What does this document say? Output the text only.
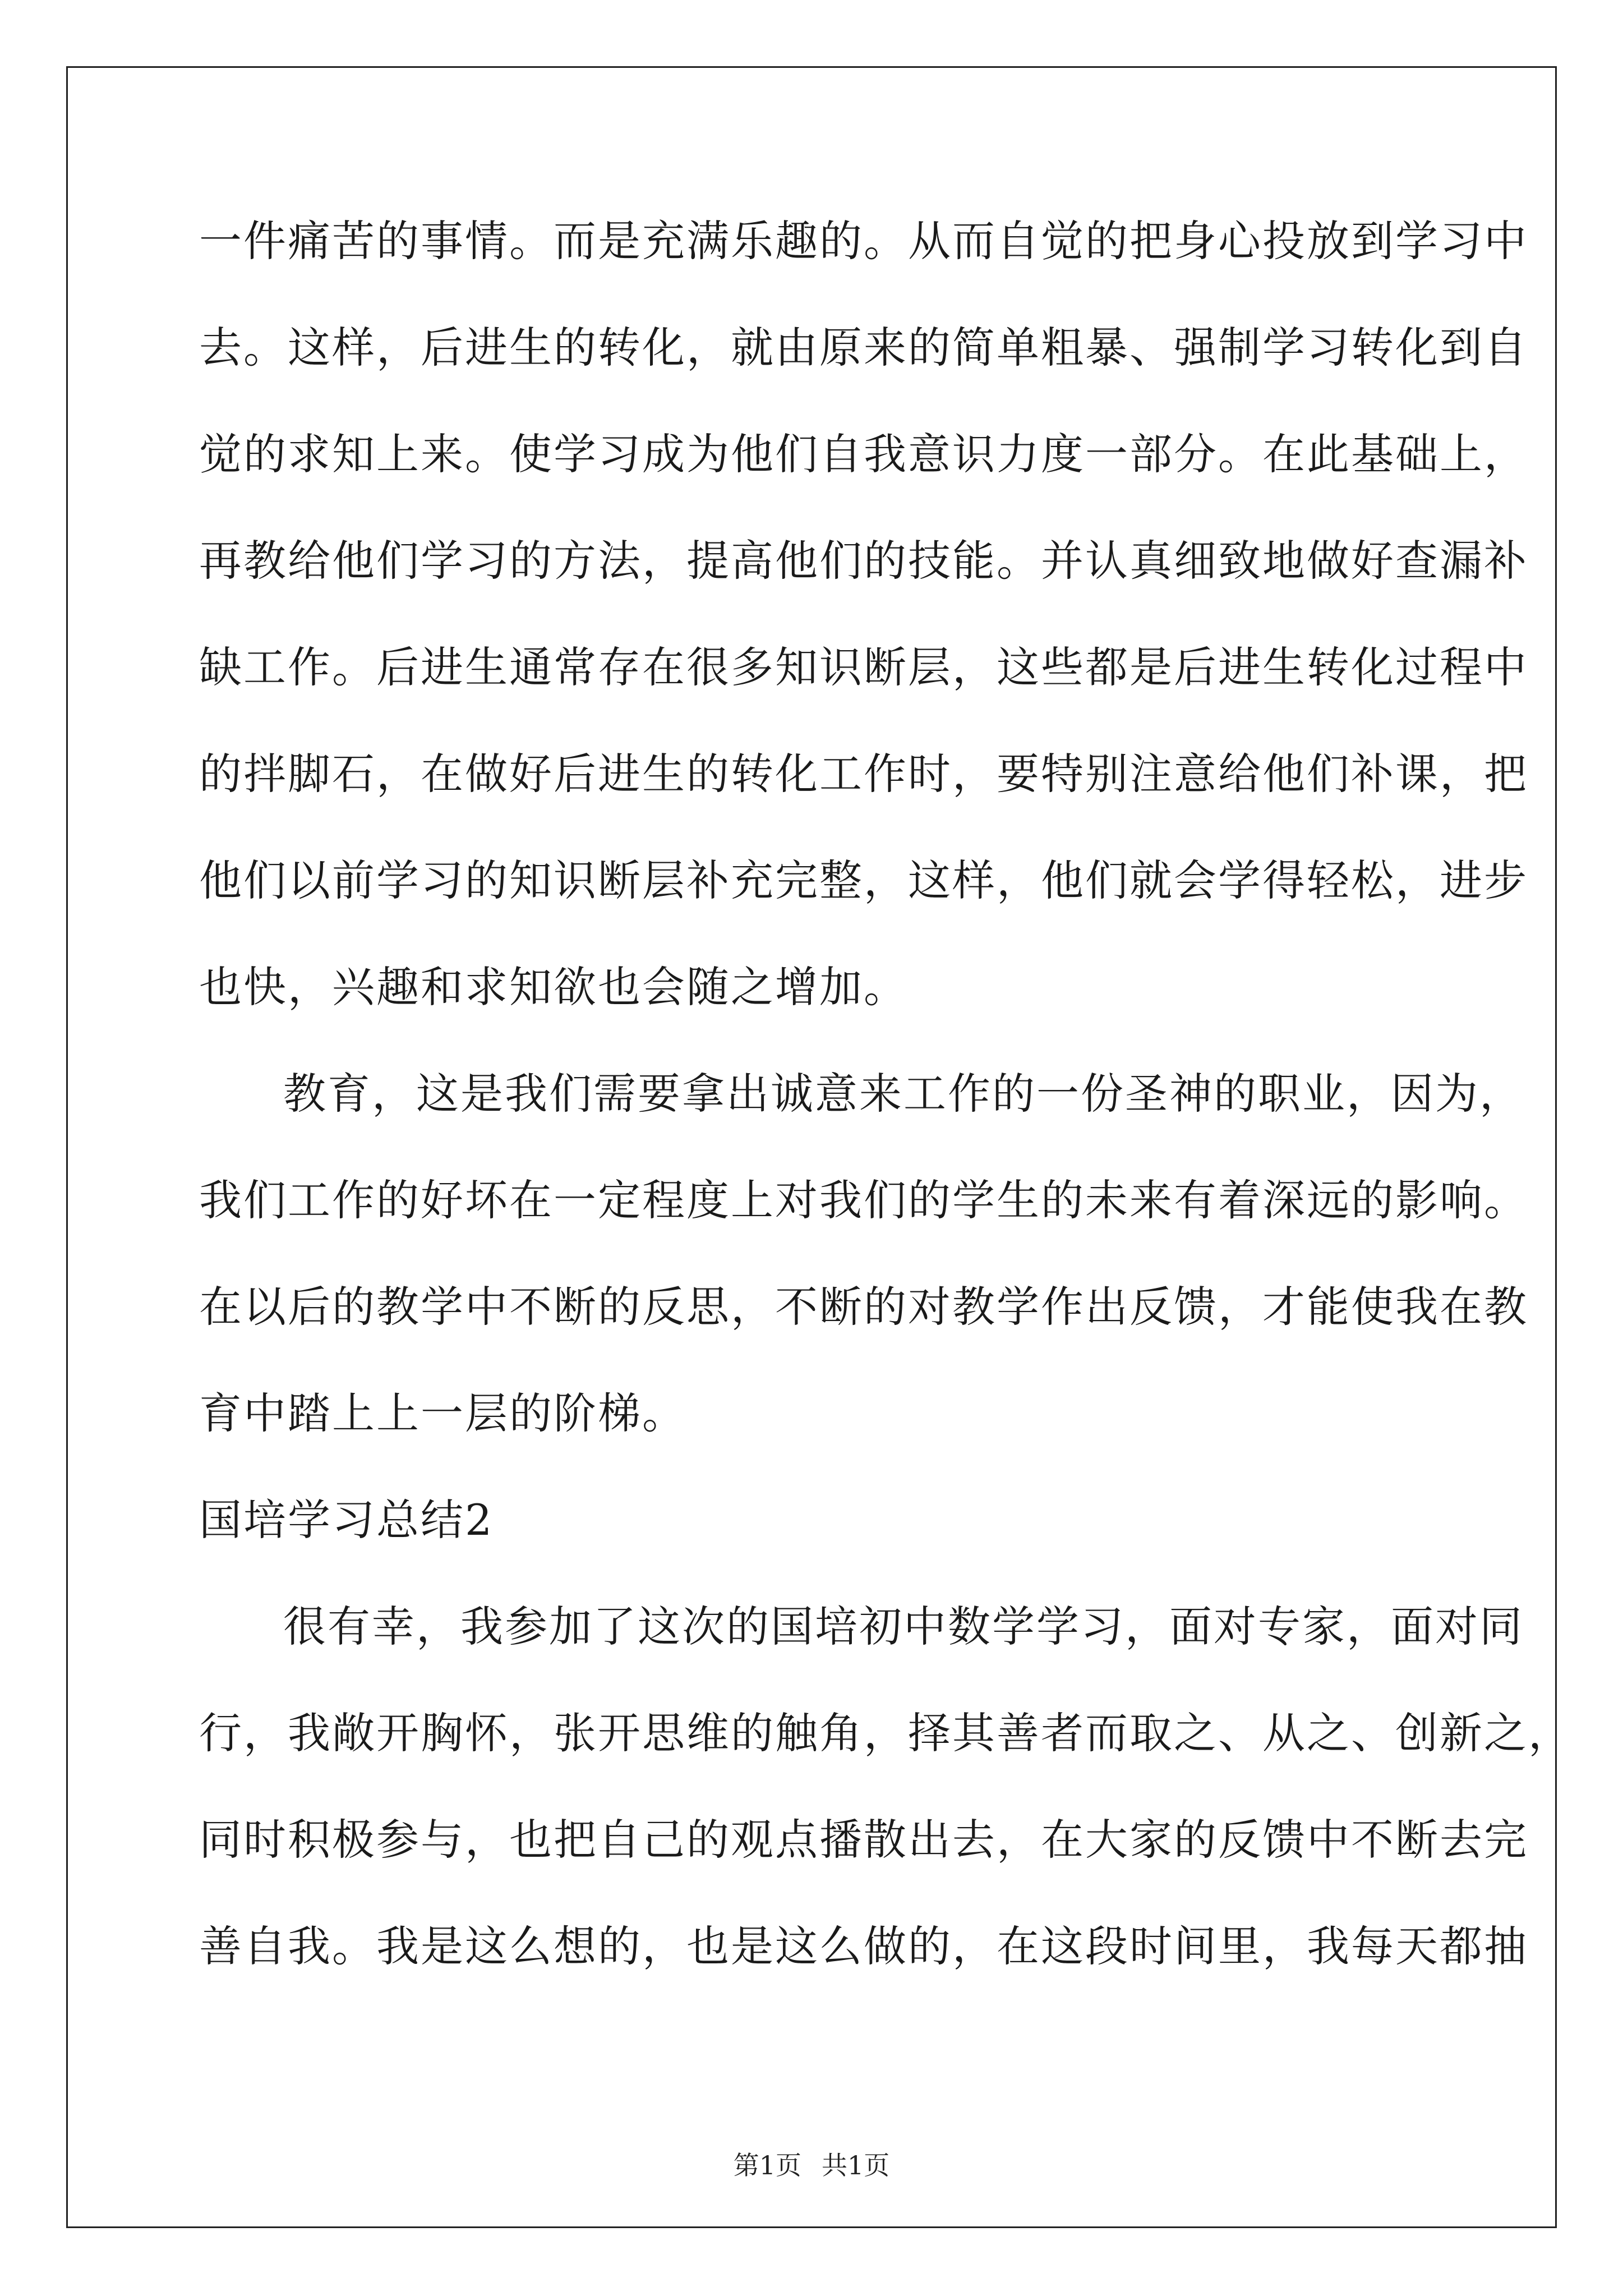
一件痛苦的事情。而是充满乐趣的。从而自觉的把身心投放到学习中
去。这样，后进生的转化，就由原来的简单粗暴、强制学习转化到自
觉的求知上来。使学习成为他们自我意识力度一部分。在此基础上，
再教给他们学习的方法，提高他们的技能。并认真细致地做好查漏补
缺工作。后进生通常存在很多知识断层，这些都是后进生转化过程中
的拌脚石，在做好后进生的转化工作时，要特别注意给他们补课，把
他们以前学习的知识断层补充完整，这样，他们就会学得轻松，进步
也快，兴趣和求知欲也会随之增加。
教育，这是我们需要拿出诚意来工作的一份圣神的职业，因为，
我们工作的好坏在一定程度上对我们的学生的未来有着深远的影响。
在以后的教学中不断的反思，不断的对教学作出反馈，才能使我在教
育中踏上上一层的阶梯。
国培学习总结2
很有幸，我参加了这次的国培初中数学学习，面对专家，面对同
行，我敞开胸怀，张开思维的触角，择其善者而取之、从之、创新之，
同时积极参与，也把自己的观点播散出去，在大家的反馈中不断去完
善自我。我是这么想的，也是这么做的，在这段时间里，我每天都抽
第1页 共1页
